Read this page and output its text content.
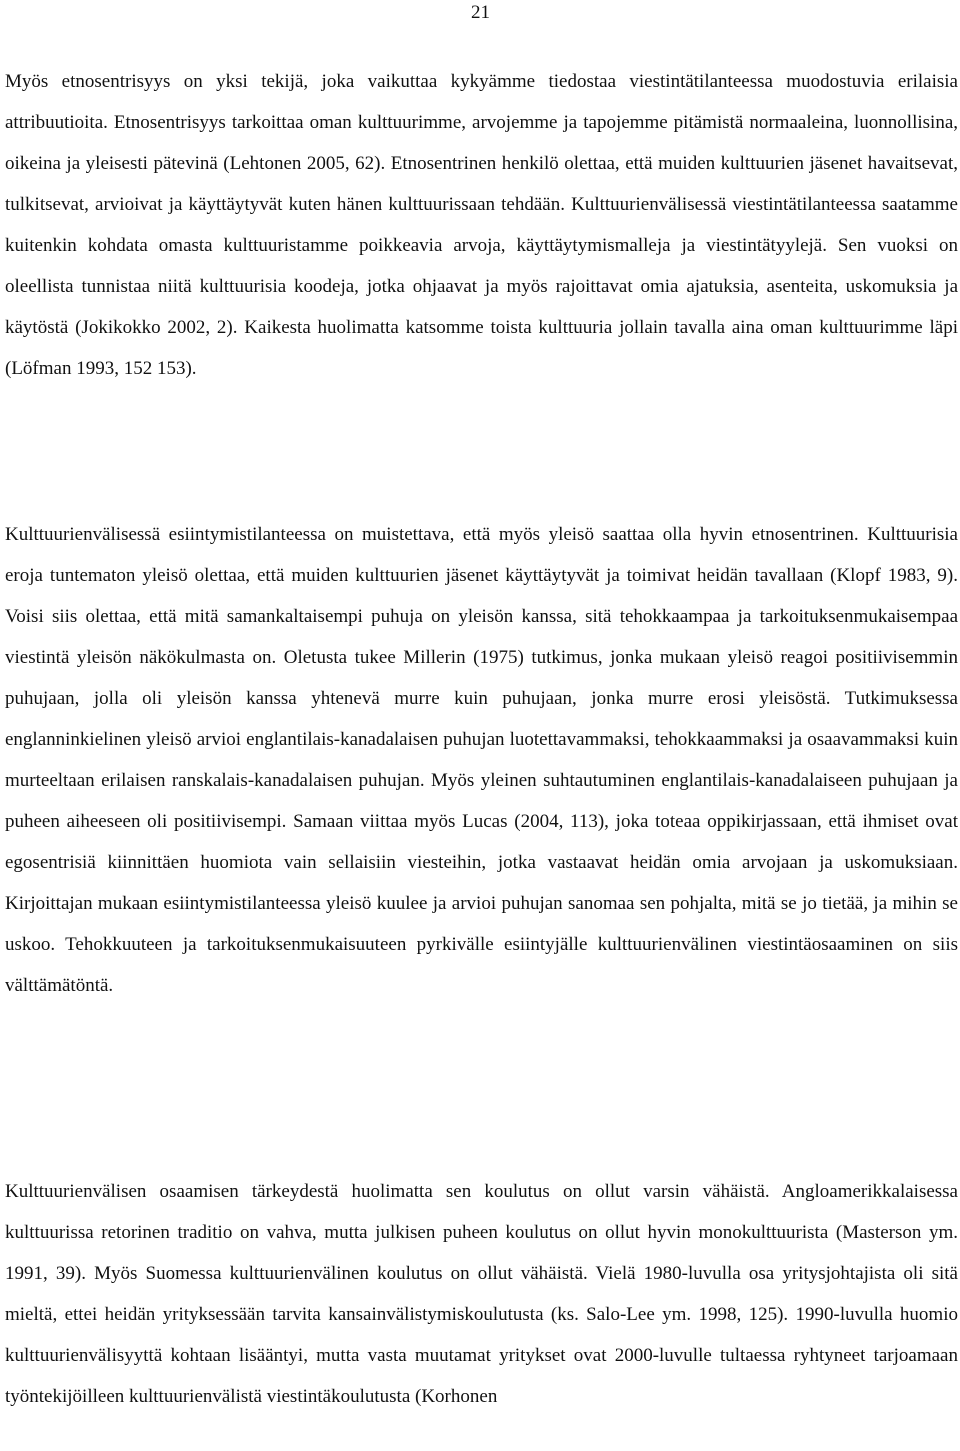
21

Myös etnosentrisyys on yksi tekijä, joka vaikuttaa kykyämme tiedostaa viestintätilanteessa muodostuvia erilaisia attribuutioita. Etnosentrisyys tarkoittaa oman kulttuurimme, arvojemme ja tapojemme pitämistä normaaleina, luonnollisina, oikeina ja yleisesti pätevinä (Lehtonen 2005, 62). Etnosentrinen henkilö olettaa, että muiden kulttuurien jäsenet havaitsevat, tulkitsevat, arvioivat ja käyttäytyvät kuten hänen kulttuurissaan tehdään. Kulttuurienvälisessä viestintätilanteessa saatamme kuitenkin kohdata omasta kulttuuristamme poikkeavia arvoja, käyttäytymismalleja ja viestintätyylejä. Sen vuoksi on oleellista tunnistaa niitä kulttuurisia koodeja, jotka ohjaavat ja myös rajoittavat omia ajatuksia, asenteita, uskomuksia ja käytöstä (Jokikokko 2002, 2). Kaikesta huolimatta katsomme toista kulttuuria jollain tavalla aina oman kulttuurimme läpi (Löfman 1993, 152 153).

Kulttuurienvälisessä esiintymistilanteessa on muistettava, että myös yleisö saattaa olla hyvin etnosentrinen. Kulttuurisia eroja tuntematon yleisö olettaa, että muiden kulttuurien jäsenet käyttäytyvät ja toimivat heidän tavallaan (Klopf 1983, 9). Voisi siis olettaa, että mitä samankaltaisempi puhuja on yleisön kanssa, sitä tehokkaampaa ja tarkoituksenmukaisempaa viestintä yleisön näkökulmasta on. Oletusta tukee Millerin (1975) tutkimus, jonka mukaan yleisö reagoi positiivisemmin puhujaan, jolla oli yleisön kanssa yhtenevä murre kuin puhujaan, jonka murre erosi yleisöstä. Tutkimuksessa englanninkielinen yleisö arvioi englantilais-kanadalaisen puhujan luotettavammaksi, tehokkaammaksi ja osaavammaksi kuin murteeltaan erilaisen ranskalais-kanadalaisen puhujan. Myös yleinen suhtautuminen englantilais-kanadalaiseen puhujaan ja puheen aiheeseen oli positiivisempi. Samaan viittaa myös Lucas (2004, 113), joka toteaa oppikirjassaan, että ihmiset ovat egosentrisiä kiinnittäen huomiota vain sellaisiin viesteihin, jotka vastaavat heidän omia arvojaan ja uskomuksiaan. Kirjoittajan mukaan esiintymistilanteessa yleisö kuulee ja arvioi puhujan sanomaa sen pohjalta, mitä se jo tietää, ja mihin se uskoo. Tehokkuuteen ja tarkoituksenmukaisuuteen pyrkivälle esiintyjälle kulttuurienvälinen viestintäosaaminen on siis välttämätöntä.

Kulttuurienvälisen osaamisen tärkeydestä huolimatta sen koulutus on ollut varsin vähäistä. Angloamerikkalaisessa kulttuurissa retorinen traditio on vahva, mutta julkisen puheen koulutus on ollut hyvin monokulttuurista (Masterson ym. 1991, 39). Myös Suomessa kulttuurienvälinen koulutus on ollut vähäistä. Vielä 1980-luvulla osa yritysjohtajista oli sitä mieltä, ettei heidän yrityksessään tarvita kansainvälistymiskoulutusta (ks. Salo-Lee ym. 1998, 125). 1990-luvulla huomio kulttuurienvälisyyttä kohtaan lisääntyi, mutta vasta muutamat yritykset ovat 2000-luvulle tultaessa ryhtyneet tarjoamaan työntekijöilleen kulttuurienvälistä viestintäkoulutusta (Korhonen
